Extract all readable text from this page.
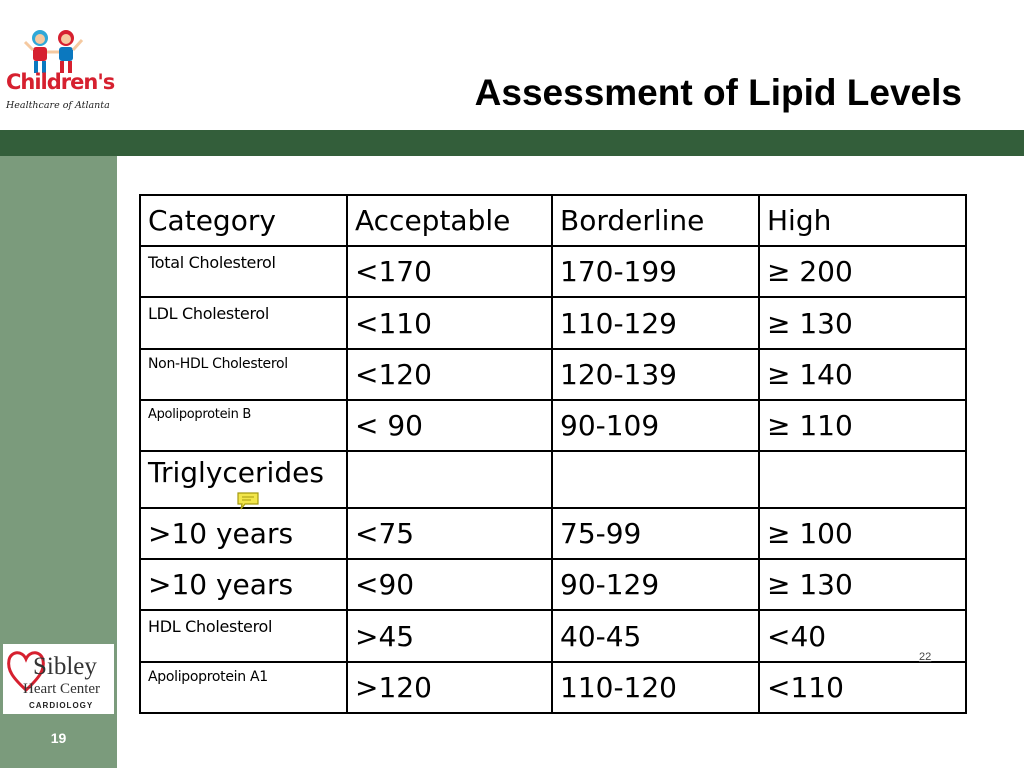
Assessment of Lipid Levels
Children's
Healthcare of Atlanta
Sibley
Heart Center
CARDIOLOGY
19
Category	Acceptable	Borderline	High
Total Cholesterol	<170	170-199	≥ 200
LDL Cholesterol	<110	110-129	≥ 130
Non-HDL Cholesterol	<120	120-139	≥ 140
Apolipoprotein B	< 90	90-109	≥ 110
Triglycerides			
>10 years	<75	75-99	≥ 100
>10 years	<90	90-129	≥ 130
HDL Cholesterol	>45	40-45	<40
Apolipoprotein A1	>120	110-120	<110
22
